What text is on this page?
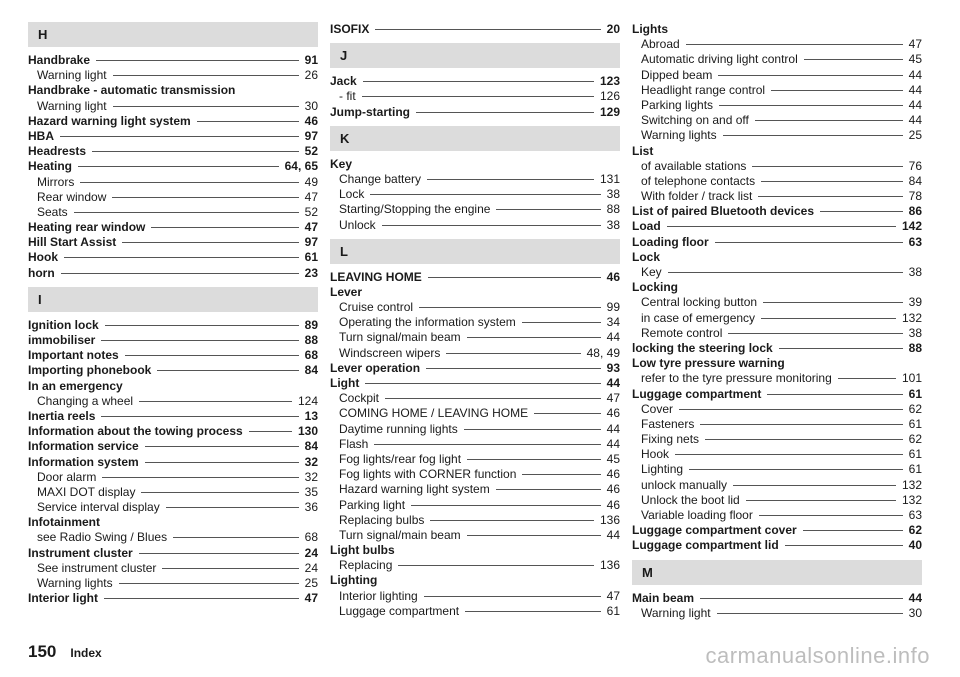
H
Handbrake	91
Warning light	26
Handbrake - automatic transmission
Warning light	30
Hazard warning light system	46
HBA	97
Headrests	52
Heating	64, 65
Mirrors	49
Rear window	47
Seats	52
Heating rear window	47
Hill Start Assist	97
Hook	61
horn	23
I
Ignition lock	89
immobiliser	88
Important notes	68
Importing phonebook	84
In an emergency
Changing a wheel	124
Inertia reels	13
Information about the towing process	130
Information service	84
Information system	32
Door alarm	32
MAXI DOT display	35
Service interval display	36
Infotainment
see Radio Swing / Blues	68
Instrument cluster	24
See instrument cluster	24
Warning lights	25
Interior light	47
ISOFIX	20
J
Jack	123
- fit	126
Jump-starting	129
K
Key
Change battery	131
Lock	38
Starting/Stopping the engine	88
Unlock	38
L
LEAVING HOME	46
Lever
Cruise control	99
Operating the information system	34
Turn signal/main beam	44
Windscreen wipers	48, 49
Lever operation	93
Light	44
Cockpit	47
COMING HOME / LEAVING HOME	46
Daytime running lights	44
Flash	44
Fog lights/rear fog light	45
Fog lights with CORNER function	46
Hazard warning light system	46
Parking light	46
Replacing bulbs	136
Turn signal/main beam	44
Light bulbs
Replacing	136
Lighting
Interior lighting	47
Luggage compartment	61
Lights
Abroad	47
Automatic driving light control	45
Dipped beam	44
Headlight range control	44
Parking lights	44
Switching on and off	44
Warning lights	25
List
of available stations	76
of telephone contacts	84
With folder / track list	78
List of paired Bluetooth devices	86
Load	142
Loading floor	63
Lock
Key	38
Locking
Central locking button	39
in case of emergency	132
Remote control	38
locking the steering lock	88
Low tyre pressure warning
refer to the tyre pressure monitoring	101
Luggage compartment	61
Cover	62
Fasteners	61
Fixing nets	62
Hook	61
Lighting	61
unlock manually	132
Unlock the boot lid	132
Variable loading floor	63
Luggage compartment cover	62
Luggage compartment lid	40
M
Main beam	44
Warning light	30
150 Index	carmanualsonline.info
